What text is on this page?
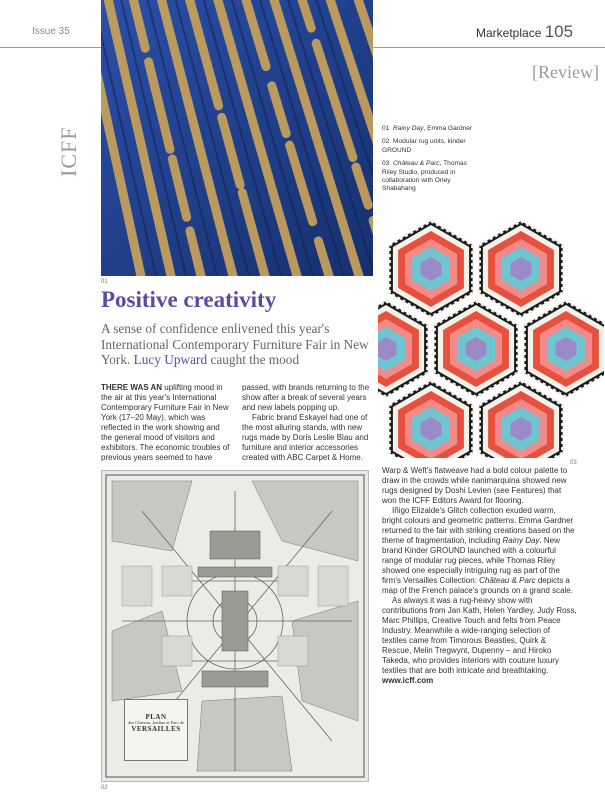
Issue 35	Marketplace 105
[Review]
ICFF
01

01 Rainy Day, Emma Gardner

02 Modular rug units, kinder GROUND

03 Château & Parc, Thomas Riley Studio, produced in collaboration with Orley Shabahang

03
Positive creativity
A sense of confidence enlivened this year's International Contemporary Furniture Fair in New York. Lucy Upward caught the mood
THERE WAS AN uplifting mood in the air at this year's International Contemporary Furniture Fair in New York (17–20 May), which was reflected in the work showing and the general mood of visitors and exhibitors. The economic troubles of previous years seemed to have
passed, with brands returning to the show after a break of several years and new labels popping up.
Fabric brand Eskayel had one of the most alluring stands, with new rugs made by Doris Leslie Blau and furniture and interior accessories created with ABC Carpet & Home.
PLAN
des Chateau, Jardins et Parc de
VERSAILLES
02

Warp & Weft's flatweave had a bold colour palette to draw in the crowds while nanimarquina showed new rugs designed by Doshi Levien (see Features) that won the ICFF Editors Award for flooring.

Iñigo Elizalde's Glitch collection exuded warm, bright colours and geometric patterns. Emma Gardner returned to the fair with striking creations based on the theme of fragmentation, including Rainy Day. New brand Kinder GROUND launched with a colourful range of modular rug pieces, while Thomas Riley showed one especially intriguing rug as part of the firm's Versailles Collection: Château & Parc depicts a map of the French palace's grounds on a grand scale.

As always it was a rug-heavy show with contributions from Jan Kath, Helen Yardley, Judy Ross, Marc Phillips, Creative Touch and felts from Peace Industry. Meanwhile a wide-ranging selection of textiles came from Timorous Beasties, Quirk & Rescue, Melin Tregwynt, Dupenny – and Hiroko Takeda, who provides interiors with couture luxury textiles that are both intricate and breathtaking.

www.icff.com
